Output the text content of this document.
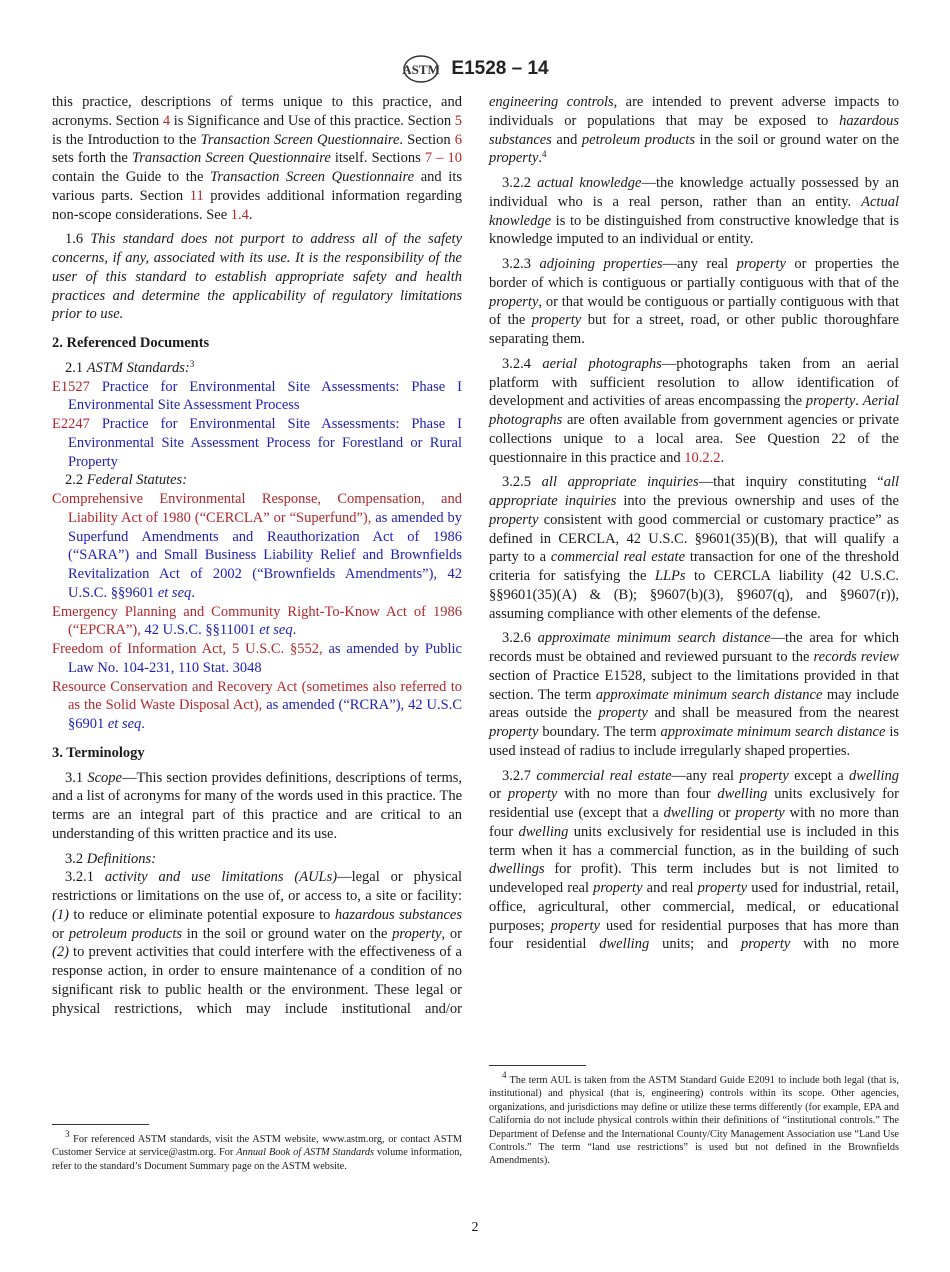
ASTM E1528 – 14
this practice, descriptions of terms unique to this practice, and acronyms. Section 4 is Significance and Use of this practice. Section 5 is the Introduction to the Transaction Screen Questionnaire. Section 6 sets forth the Transaction Screen Questionnaire itself. Sections 7 – 10 contain the Guide to the Transaction Screen Questionnaire and its various parts. Section 11 provides additional information regarding non-scope considerations. See 1.4.
1.6 This standard does not purport to address all of the safety concerns, if any, associated with its use. It is the responsibility of the user of this standard to establish appropriate safety and health practices and determine the applicability of regulatory limitations prior to use.
2. Referenced Documents
2.1 ASTM Standards:$^3$
E1527 Practice for Environmental Site Assessments: Phase I Environmental Site Assessment Process
E2247 Practice for Environmental Site Assessments: Phase I Environmental Site Assessment Process for Forestland or Rural Property
2.2 Federal Statutes:
Comprehensive Environmental Response, Compensation, and Liability Act of 1980 (“CERCLA” or “Superfund”), as amended by Superfund Amendments and Reauthorization Act of 1986 (“SARA”) and Small Business Liability Relief and Brownfields Revitalization Act of 2002 (“Brownfields Amendments”), 42 U.S.C. §§9601 et seq.
Emergency Planning and Community Right-To-Know Act of 1986 (“EPCRA”), 42 U.S.C. §§11001 et seq.
Freedom of Information Act, 5 U.S.C. §552, as amended by Public Law No. 104-231, 110 Stat. 3048
Resource Conservation and Recovery Act (sometimes also referred to as the Solid Waste Disposal Act), as amended (“RCRA”), 42 U.S.C §6901 et seq.
3. Terminology
3.1 Scope—This section provides definitions, descriptions of terms, and a list of acronyms for many of the words used in this practice. The terms are an integral part of this practice and are critical to an understanding of this written practice and its use.
3.2 Definitions:
3.2.1 activity and use limitations (AULs)—legal or physical restrictions or limitations on the use of, or access to, a site or facility: (1) to reduce or eliminate potential exposure to hazardous substances or petroleum products in the soil or ground water on the property, or (2) to prevent activities that could interfere with the effectiveness of a response action, in order to ensure maintenance of a condition of no significant risk to public health or the environment. These legal or physical restrictions, which may include institutional and/or
engineering controls, are intended to prevent adverse impacts to individuals or populations that may be exposed to hazardous substances and petroleum products in the soil or ground water on the property.$^4$
3.2.2 actual knowledge—the knowledge actually possessed by an individual who is a real person, rather than an entity. Actual knowledge is to be distinguished from constructive knowledge that is knowledge imputed to an individual or entity.
3.2.3 adjoining properties—any real property or properties the border of which is contiguous or partially contiguous with that of the property, or that would be contiguous or partially contiguous with that of the property but for a street, road, or other public thoroughfare separating them.
3.2.4 aerial photographs—photographs taken from an aerial platform with sufficient resolution to allow identification of development and activities of areas encompassing the property. Aerial photographs are often available from government agencies or private collections unique to a local area. See Question 22 of the questionnaire in this practice and 10.2.2.
3.2.5 all appropriate inquiries—that inquiry constituting “all appropriate inquiries into the previous ownership and uses of the property consistent with good commercial or customary practice” as defined in CERCLA, 42 U.S.C. §9601(35)(B), that will qualify a party to a commercial real estate transaction for one of the threshold criteria for satisfying the LLPs to CERCLA liability (42 U.S.C. §§9601(35)(A) & (B); §9607(b)(3), §9607(q), and §9607(r)), assuming compliance with other elements of the defense.
3.2.6 approximate minimum search distance—the area for which records must be obtained and reviewed pursuant to the records review section of Practice E1528, subject to the limitations provided in that section. The term approximate minimum search distance may include areas outside the property and shall be measured from the nearest property boundary. The term approximate minimum search distance is used instead of radius to include irregularly shaped properties.
3.2.7 commercial real estate—any real property except a dwelling or property with no more than four dwelling units exclusively for residential use (except that a dwelling or property with no more than four dwelling units exclusively for residential use is included in this term when it has a commercial function, as in the building of such dwellings for profit). This term includes but is not limited to undeveloped real property and real property used for industrial, retail, office, agricultural, other commercial, medical, or educational purposes; property used for residential purposes that has more than four residential dwelling units; and property with no more
$^3$ For referenced ASTM standards, visit the ASTM website, www.astm.org, or contact ASTM Customer Service at service@astm.org. For Annual Book of ASTM Standards volume information, refer to the standard’s Document Summary page on the ASTM website.
$^4$ The term AUL is taken from the ASTM Standard Guide E2091 to include both legal (that is, institutional) and physical (that is, engineering) controls within its scope. Other agencies, organizations, and jurisdictions may define or utilize these terms differently (for example, EPA and California do not include physical controls within their definitions of “institutional controls.” The Department of Defense and the International County/City Management Association use “Land Use Controls.” The term “land use restrictions” is used but not defined in the Brownfields Amendments).
2
